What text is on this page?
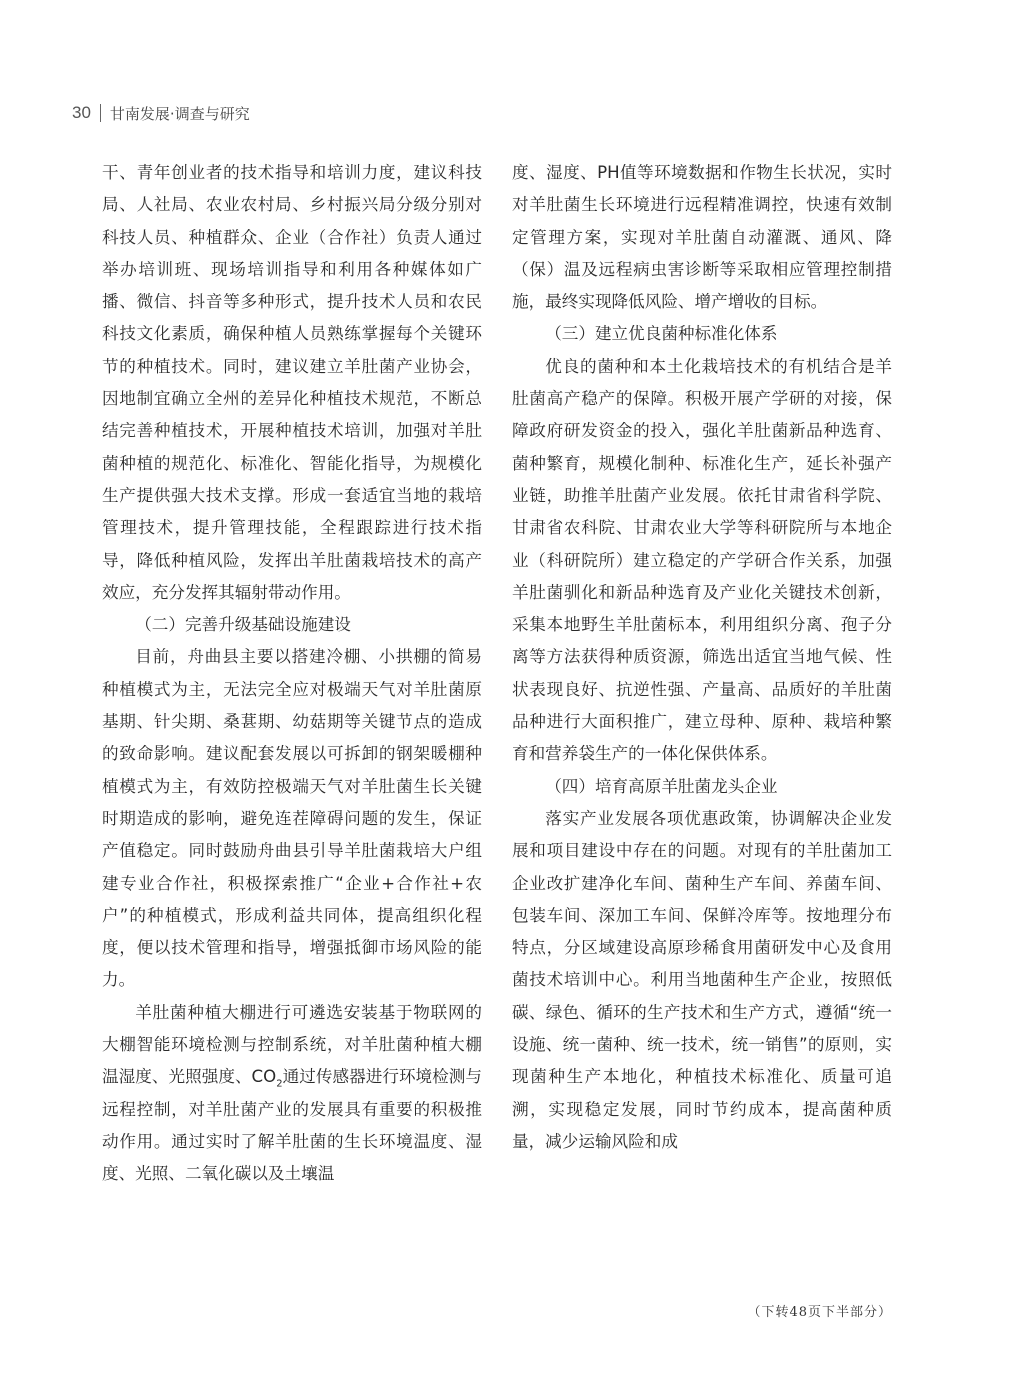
30 甘南发展·调查与研究

干、青年创业者的技术指导和培训力度，建议科技局、人社局、农业农村局、乡村振兴局分级分别对科技人员、种植群众、企业（合作社）负责人通过举办培训班、现场培训指导和利用各种媒体如广播、微信、抖音等多种形式，提升技术人员和农民科技文化素质，确保种植人员熟练掌握每个关键环节的种植技术。同时，建议建立羊肚菌产业协会，因地制宜确立全州的差异化种植技术规范，不断总结完善种植技术，开展种植技术培训，加强对羊肚菌种植的规范化、标准化、智能化指导，为规模化生产提供强大技术支撑。形成一套适宜当地的栽培管理技术，提升管理技能，全程跟踪进行技术指导，降低种植风险，发挥出羊肚菌栽培技术的高产效应，充分发挥其辐射带动作用。

（二）完善升级基础设施建设

目前，舟曲县主要以搭建冷棚、小拱棚的简易种植模式为主，无法完全应对极端天气对羊肚菌原基期、针尖期、桑葚期、幼菇期等关键节点的造成的致命影响。建议配套发展以可拆卸的钢架暖棚种植模式为主，有效防控极端天气对羊肚菌生长关键时期造成的影响，避免连茬障碍问题的发生，保证产值稳定。同时鼓励舟曲县引导羊肚菌栽培大户组建专业合作社，积极探索推广“企业+合作社+农户”的种植模式，形成利益共同体，提高组织化程度，便以技术管理和指导，增强抵御市场风险的能力。

羊肚菌种植大棚进行可遴选安装基于物联网的大棚智能环境检测与控制系统，对羊肚菌种植大棚温湿度、光照强度、$CO_2$通过传感器进行环境检测与远程控制，对羊肚菌产业的发展具有重要的积极推动作用。通过实时了解羊肚菌的生长环境温度、湿度、光照、二氧化碳以及土壤温

度、湿度、PH值等环境数据和作物生长状况，实时对羊肚菌生长环境进行远程精准调控，快速有效制定管理方案，实现对羊肚菌自动灌溉、通风、降（保）温及远程病虫害诊断等采取相应管理控制措施，最终实现降低风险、增产增收的目标。

（三）建立优良菌种标准化体系

优良的菌种和本土化栽培技术的有机结合是羊肚菌高产稳产的保障。积极开展产学研的对接，保障政府研发资金的投入，强化羊肚菌新品种选育、菌种繁育，规模化制种、标准化生产，延长补强产业链，助推羊肚菌产业发展。依托甘肃省科学院、甘肃省农科院、甘肃农业大学等科研院所与本地企业（科研院所）建立稳定的产学研合作关系，加强羊肚菌驯化和新品种选育及产业化关键技术创新，采集本地野生羊肚菌标本，利用组织分离、孢子分离等方法获得种质资源，筛选出适宜当地气候、性状表现良好、抗逆性强、产量高、品质好的羊肚菌品种进行大面积推广，建立母种、原种、栽培种繁育和营养袋生产的一体化保供体系。

（四）培育高原羊肚菌龙头企业

落实产业发展各项优惠政策，协调解决企业发展和项目建设中存在的问题。对现有的羊肚菌加工企业改扩建净化车间、菌种生产车间、养菌车间、包装车间、深加工车间、保鲜冷库等。按地理分布特点，分区域建设高原珍稀食用菌研发中心及食用菌技术培训中心。利用当地菌种生产企业，按照低碳、绿色、循环的生产技术和生产方式，遵循“统一设施、统一菌种、统一技术，统一销售”的原则，实现菌种生产本地化，种植技术标准化、质量可追溯，实现稳定发展，同时节约成本，提高菌种质量，减少运输风险和成

（下转48页下半部分）
